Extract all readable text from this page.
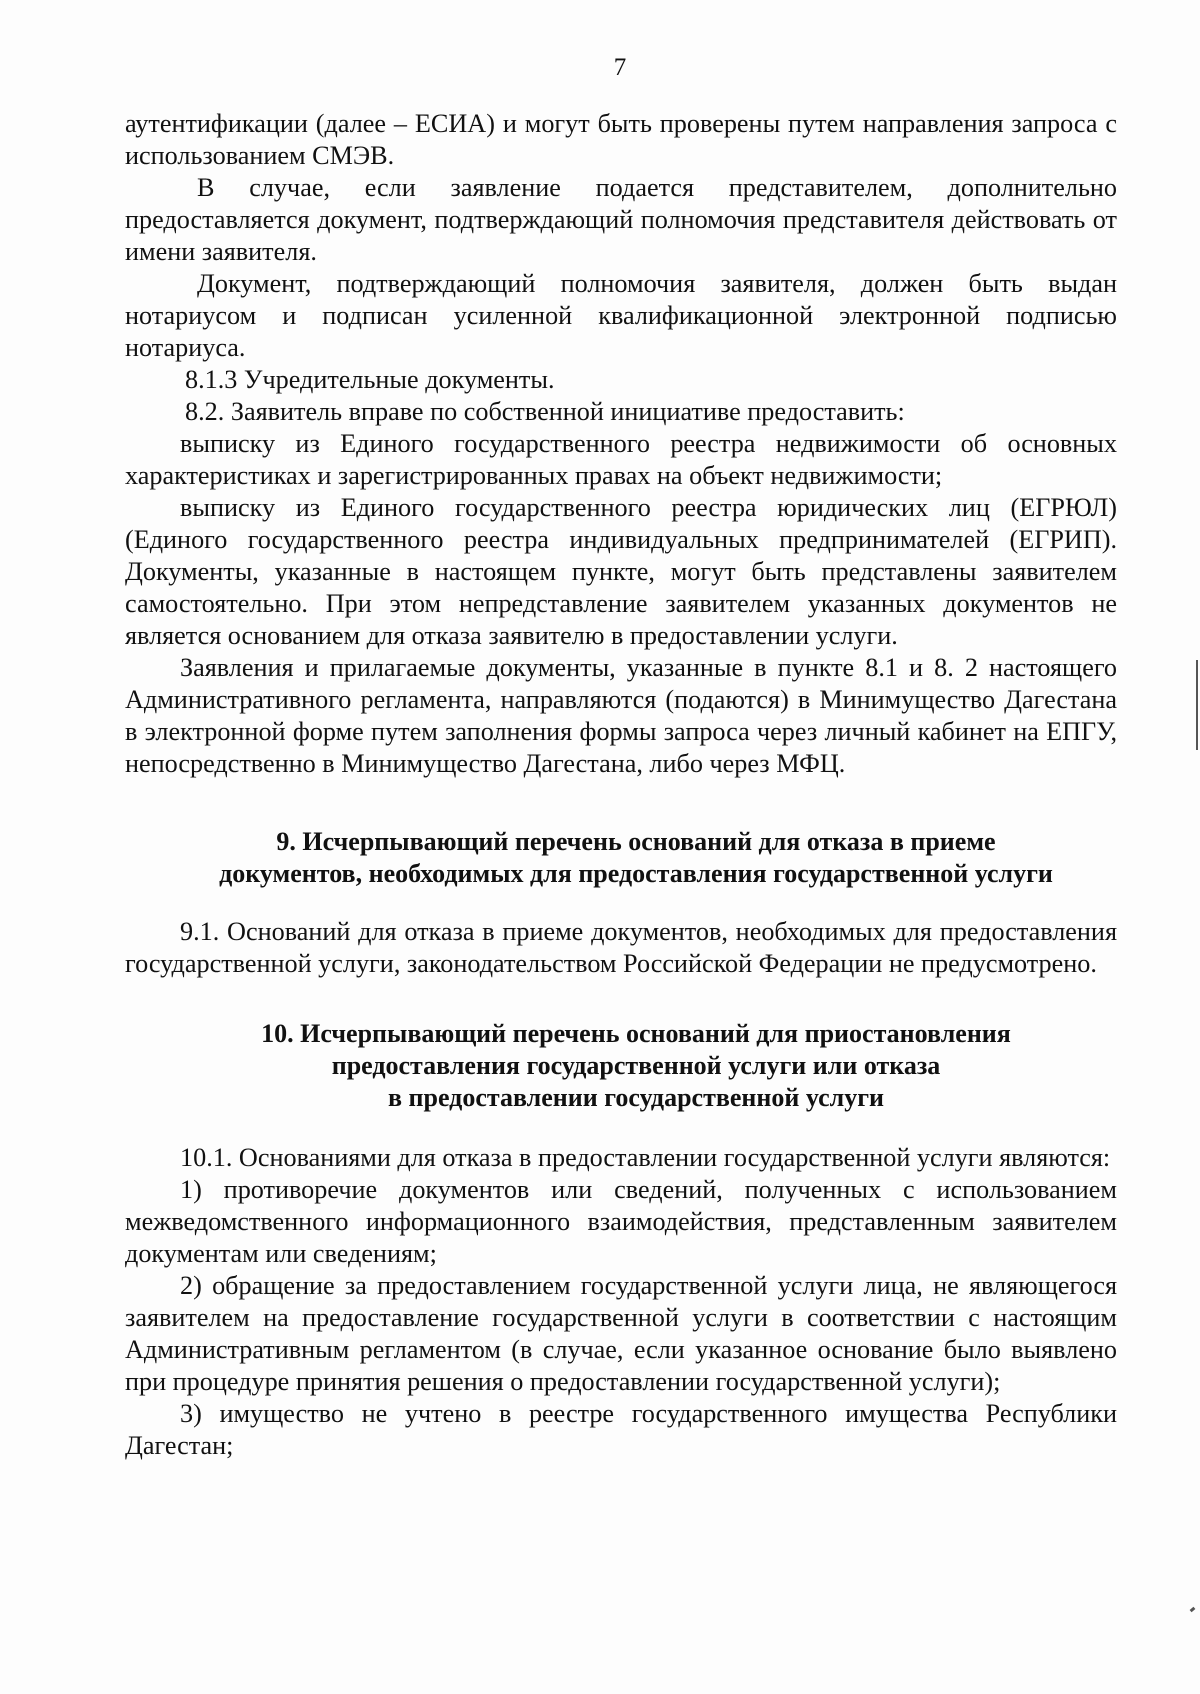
7

аутентификации (далее – ЕСИА) и могут быть проверены путем направления запроса с использованием СМЭВ.

В случае, если заявление подается представителем, дополнительно предоставляется документ, подтверждающий полномочия представителя действовать от имени заявителя.

Документ, подтверждающий полномочия заявителя, должен быть выдан нотариусом и подписан усиленной квалификационной электронной подписью нотариуса.

8.1.3 Учредительные документы.

8.2. Заявитель вправе по собственной инициативе предоставить:

выписку из Единого государственного реестра недвижимости об основных характеристиках и зарегистрированных правах на объект недвижимости;

выписку из Единого государственного реестра юридических лиц (ЕГРЮЛ) (Единого государственного реестра индивидуальных предпринимателей (ЕГРИП). Документы, указанные в настоящем пункте, могут быть представлены заявителем самостоятельно. При этом непредставление заявителем указанных документов не является основанием для отказа заявителю в предоставлении услуги.

Заявления и прилагаемые документы, указанные в пункте 8.1 и 8. 2 настоящего Административного регламента, направляются (подаются) в Минимущество Дагестана в электронной форме путем заполнения формы запроса через личный кабинет на ЕПГУ, непосредственно в Минимущество Дагестана, либо через МФЦ.

9. Исчерпывающий перечень оснований для отказа в приеме
документов, необходимых для предоставления государственной услуги

9.1. Оснований для отказа в приеме документов, необходимых для предоставления государственной услуги, законодательством Российской Федерации не предусмотрено.

10. Исчерпывающий перечень оснований для приостановления
предоставления государственной услуги или отказа
в предоставлении государственной услуги

10.1. Основаниями для отказа в предоставлении государственной услуги являются:

1) противоречие документов или сведений, полученных с использованием межведомственного информационного взаимодействия, представленным заявителем документам или сведениям;

2) обращение за предоставлением государственной услуги лица, не являющегося заявителем на предоставление государственной услуги в соответствии с настоящим Административным регламентом (в случае, если указанное основание было выявлено при процедуре принятия решения о предоставлении государственной услуги);

3) имущество не учтено в реестре государственного имущества Республики Дагестан;
